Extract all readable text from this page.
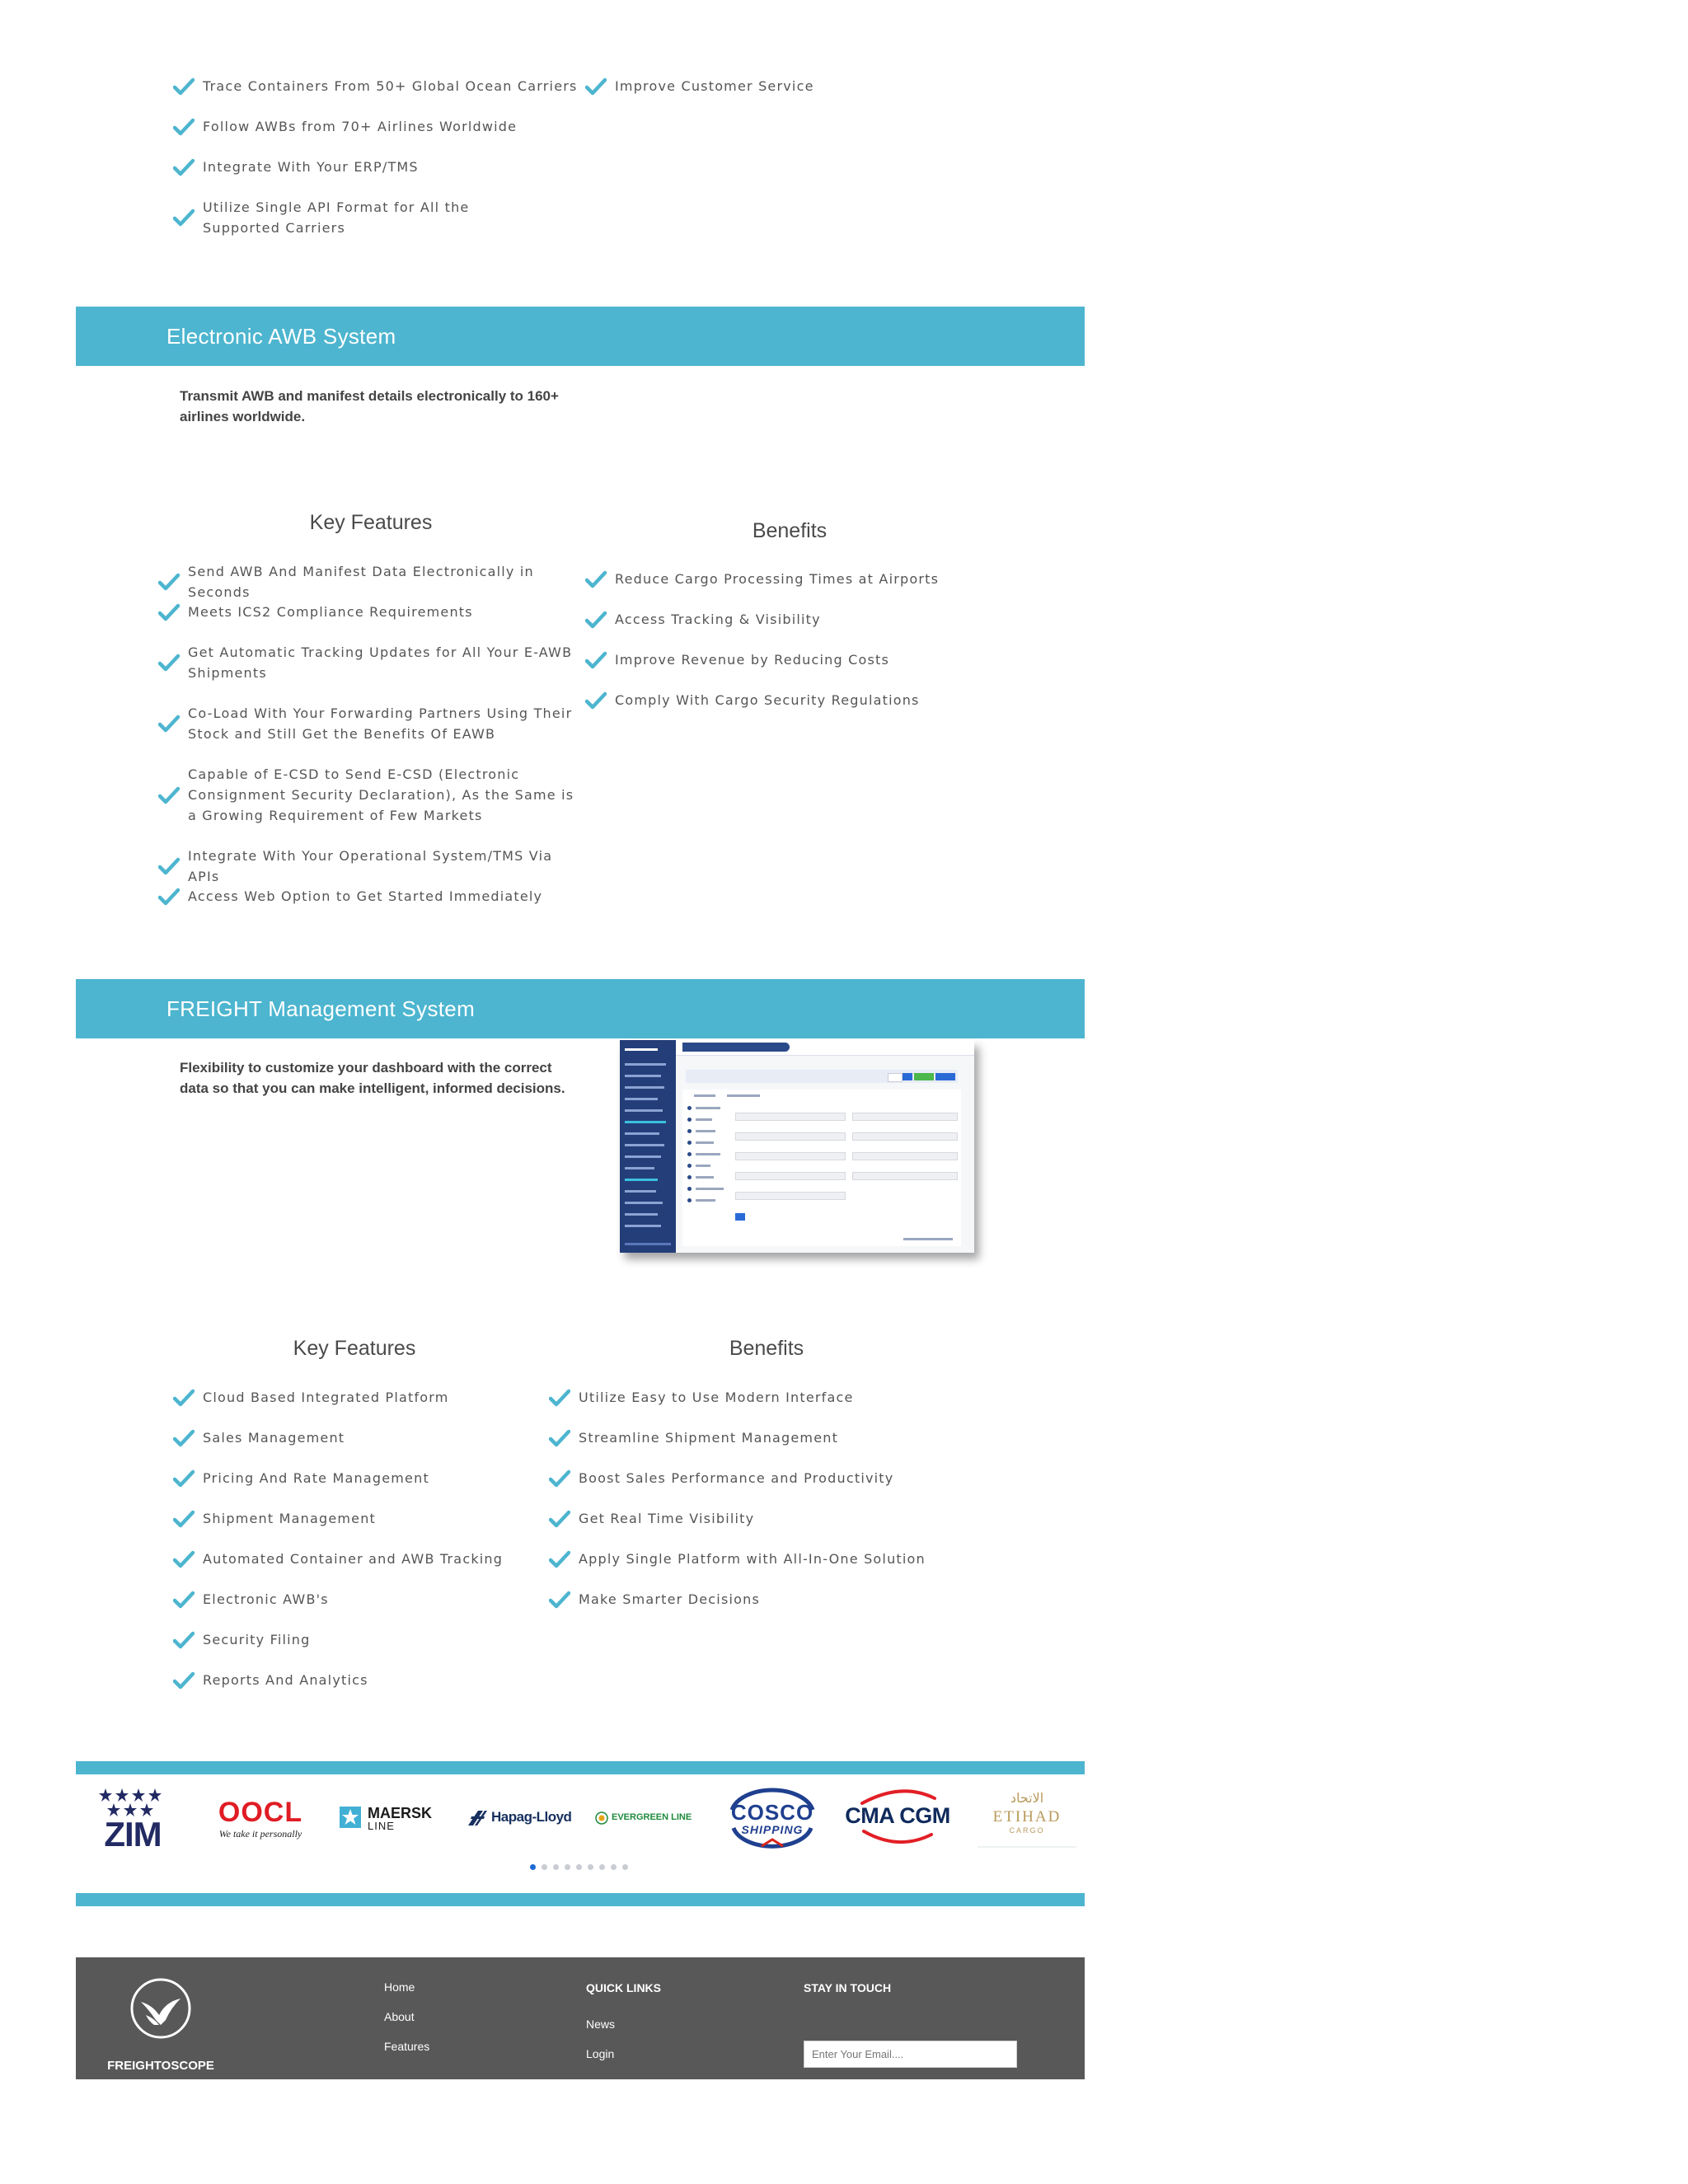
Trace Containers From 50+ Global Ocean Carriers
Follow AWBs from 70+ Airlines Worldwide
Integrate With Your ERP/TMS
Utilize Single API Format for All the Supported Carriers
Improve Customer Service
Electronic AWB System
Transmit AWB and manifest details electronically to 160+ airlines worldwide.
Key Features	Benefits
Send AWB And Manifest Data Electronically in Seconds
Meets ICS2 Compliance Requirements
Get Automatic Tracking Updates for All Your E-AWB Shipments
Co-Load With Your Forwarding Partners Using Their Stock and Still Get the Benefits Of EAWB
Capable of E-CSD to Send E-CSD (Electronic Consignment Security Declaration), As the Same is a Growing Requirement of Few Markets
Integrate With Your Operational System/TMS Via APIs
Access Web Option to Get Started Immediately
Reduce Cargo Processing Times at Airports
Access Tracking & Visibility
Improve Revenue by Reducing Costs
Comply With Cargo Security Regulations
FREIGHT Management System
Flexibility to customize your dashboard with the correct data so that you can make intelligent, informed decisions.
Key Features	Benefits
Cloud Based Integrated Platform
Sales Management
Pricing And Rate Management
Shipment Management
Automated Container and AWB Tracking
Electronic AWB's
Security Filing
Reports And Analytics
Utilize Easy to Use Modern Interface
Streamline Shipment Management
Boost Sales Performance and Productivity
Get Real Time Visibility
Apply Single Platform with All-In-One Solution
Make Smarter Decisions
ZIM
OOCL
We take it personally
MAERSK
LINE
Hapag-Lloyd	EVERGREEN LINE COSCO
SHIPPING
CMA CGM
الاتحاد
ETIHAD
CARGO
FREIGHTOSCOPE
Home
About
Features
QUICK LINKS
News
Login
STAY IN TOUCH
Enter Your Email....
